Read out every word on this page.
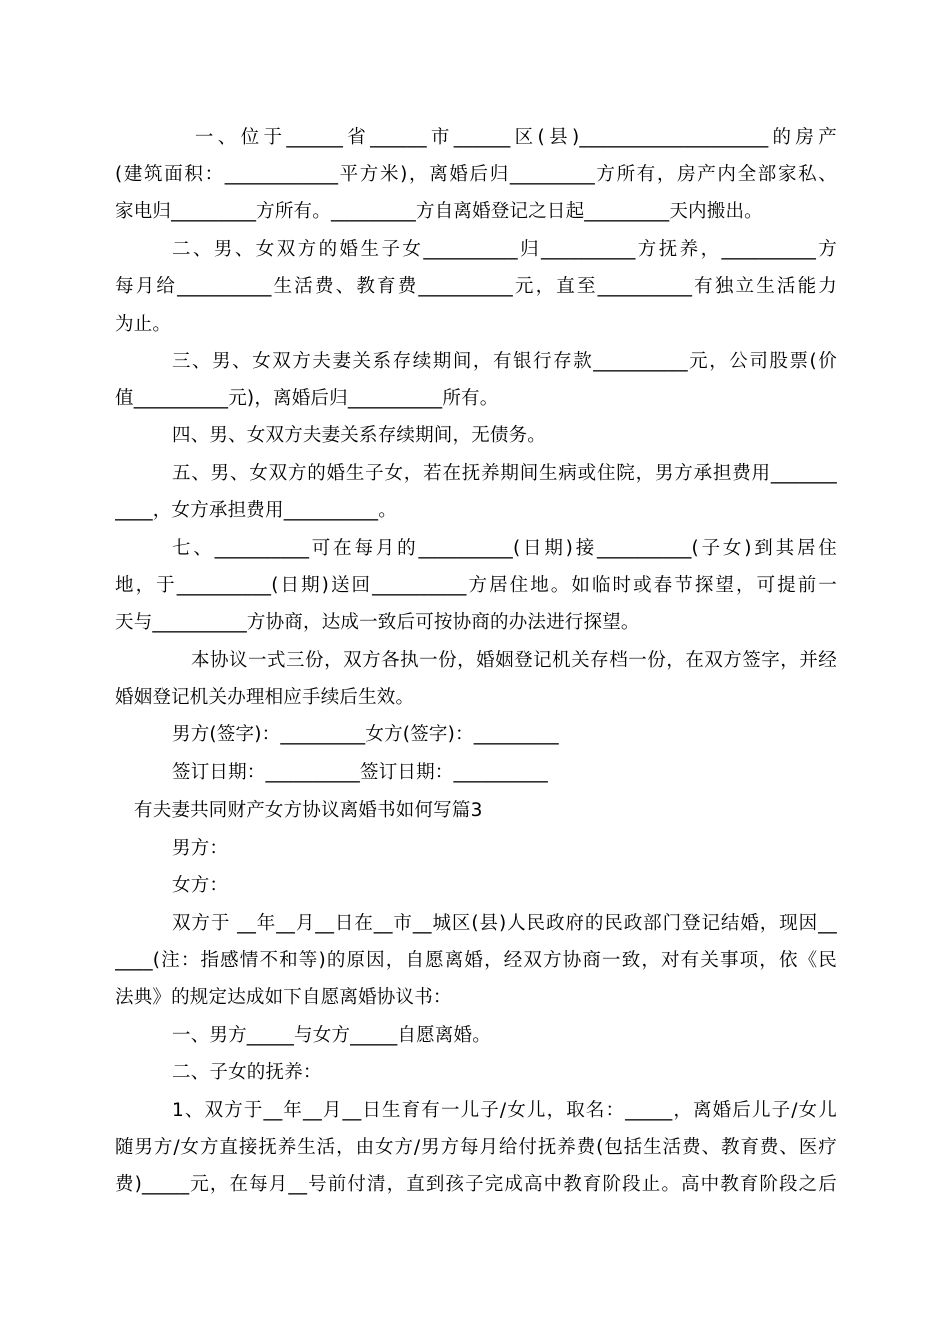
　一、位于______省______市______区(县)____________________的房产
(建筑面积：____________平方米)，离婚后归_________方所有，房产内全部家私、
家电归_________方所有。_________方自离婚登记之日起_________天内搬出。
二、男、女双方的婚生子女__________归__________方抚养，__________方
每月给__________生活费、教育费__________元，直至__________有独立生活能力
为止。
三、男、女双方夫妻关系存续期间，有银行存款__________元，公司股票(价
值__________元)，离婚后归__________所有。
四、男、女双方夫妻关系存续期间，无债务。
五、男、女双方的婚生子女，若在抚养期间生病或住院，男方承担费用_______
____，女方承担费用__________。
七、__________可在每月的__________(日期)接__________(子女)到其居住
地，于__________(日期)送回__________方居住地。如临时或春节探望，可提前一
天与__________方协商，达成一致后可按协商的办法进行探望。
　本协议一式三份，双方各执一份，婚姻登记机关存档一份，在双方签字，并经
婚姻登记机关办理相应手续后生效。
男方(签字)：_________女方(签字)：_________
签订日期：__________签订日期：__________
有夫妻共同财产女方协议离婚书如何写篇3
男方：
女方：
双方于 __年__月__日在__市__城区(县)人民政府的民政部门登记结婚，现因__
____(注：指感情不和等)的原因，自愿离婚，经双方协商一致，对有关事项，依《民
法典》的规定达成如下自愿离婚协议书：
一、男方_____与女方_____自愿离婚。
二、子女的抚养：
1、双方于__年__月__日生育有一儿子/女儿，取名：_____，离婚后儿子/女儿
随男方/女方直接抚养生活，由女方/男方每月给付抚养费(包括生活费、教育费、医疗
费)_____元，在每月__号前付清，直到孩子完成高中教育阶段止。高中教育阶段之后
